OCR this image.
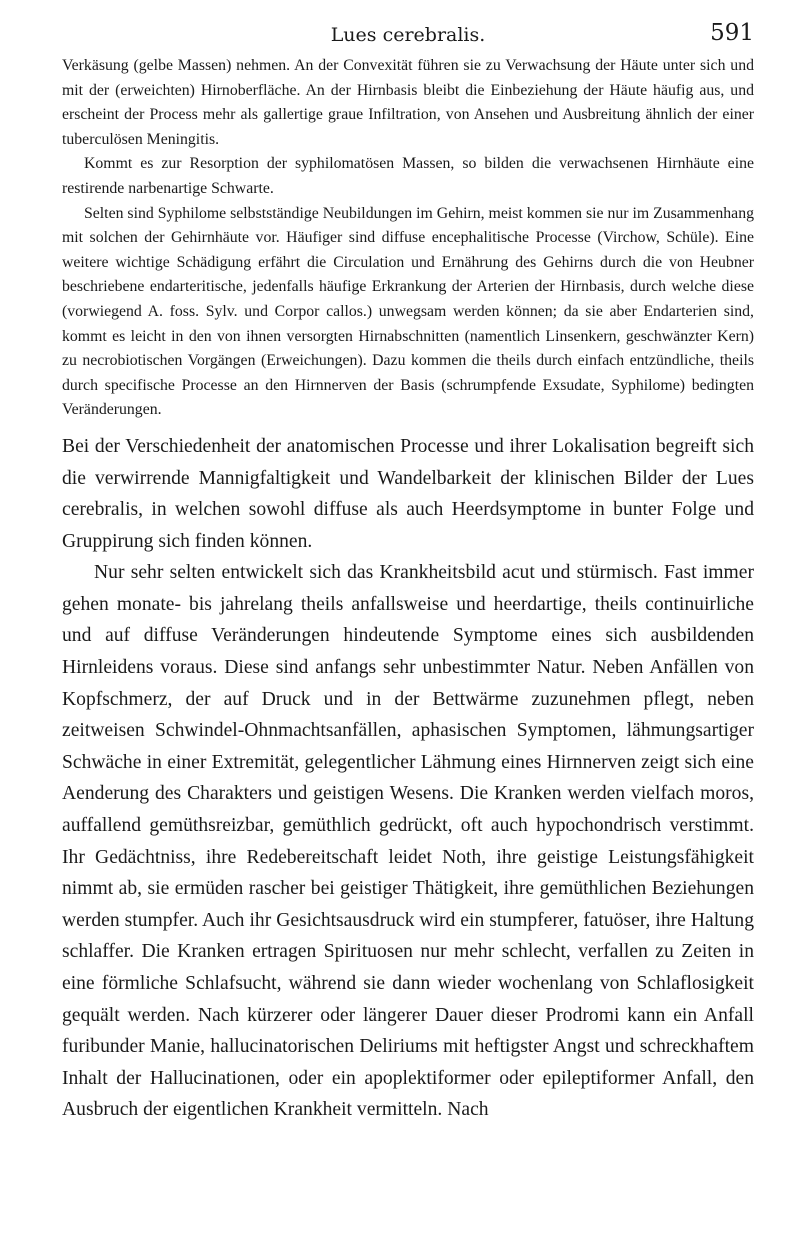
Lues cerebralis.	591

Verkäsung (gelbe Massen) nehmen. An der Convexität führen sie zu Verwachsung der Häute unter sich und mit der (erweichten) Hirnoberfläche. An der Hirnbasis bleibt die Einbeziehung der Häute häufig aus, und erscheint der Process mehr als gallertige graue Infiltration, von Ansehen und Ausbreitung ähnlich der einer tuberculösen Meningitis.

Kommt es zur Resorption der syphilomatösen Massen, so bilden die verwachsenen Hirnhäute eine restirende narbenartige Schwarte.

Selten sind Syphilome selbstständige Neubildungen im Gehirn, meist kommen sie nur im Zusammenhang mit solchen der Gehirnhäute vor. Häufiger sind diffuse encephalitische Processe (Virchow, Schüle). Eine weitere wichtige Schädigung erfährt die Circulation und Ernährung des Gehirns durch die von Heubner beschriebene endarteritische, jedenfalls häufige Erkrankung der Arterien der Hirnbasis, durch welche diese (vorwiegend A. foss. Sylv. und Corpor callos.) unwegsam werden können; da sie aber Endarterien sind, kommt es leicht in den von ihnen versorgten Hirnabschnitten (namentlich Linsenkern, geschwänzter Kern) zu necrobiotischen Vorgängen (Erweichungen). Dazu kommen die theils durch einfach entzündliche, theils durch specifische Processe an den Hirnnerven der Basis (schrumpfende Exsudate, Syphilome) bedingten Veränderungen.

Bei der Verschiedenheit der anatomischen Processe und ihrer Lokalisation begreift sich die verwirrende Mannigfaltigkeit und Wandelbarkeit der klinischen Bilder der Lues cerebralis, in welchen sowohl diffuse als auch Heerdsymptome in bunter Folge und Gruppirung sich finden können.

Nur sehr selten entwickelt sich das Krankheitsbild acut und stürmisch. Fast immer gehen monate- bis jahrelang theils anfallsweise und heerdartige, theils continuirliche und auf diffuse Veränderungen hindeutende Symptome eines sich ausbildenden Hirnleidens voraus. Diese sind anfangs sehr unbestimmter Natur. Neben Anfällen von Kopfschmerz, der auf Druck und in der Bettwärme zuzunehmen pflegt, neben zeitweisen Schwindel-Ohnmachtsanfällen, aphasischen Symptomen, lähmungsartiger Schwäche in einer Extremität, gelegentlicher Lähmung eines Hirnnerven zeigt sich eine Aenderung des Charakters und geistigen Wesens. Die Kranken werden vielfach moros, auffallend gemüthsreizbar, gemüthlich gedrückt, oft auch hypochondrisch verstimmt. Ihr Gedächtniss, ihre Redebereitschaft leidet Noth, ihre geistige Leistungsfähigkeit nimmt ab, sie ermüden rascher bei geistiger Thätigkeit, ihre gemüthlichen Beziehungen werden stumpfer. Auch ihr Gesichtsausdruck wird ein stumpferer, fatuöser, ihre Haltung schlaffer. Die Kranken ertragen Spirituosen nur mehr schlecht, verfallen zu Zeiten in eine förmliche Schlafsucht, während sie dann wieder wochenlang von Schlaflosigkeit gequält werden. Nach kürzerer oder längerer Dauer dieser Prodromi kann ein Anfall furibunder Manie, hallucinatorischen Deliriums mit heftigster Angst und schreckhaftem Inhalt der Hallucinationen, oder ein apoplektiformer oder epileptiformer Anfall, den Ausbruch der eigentlichen Krankheit vermitteln. Nach
